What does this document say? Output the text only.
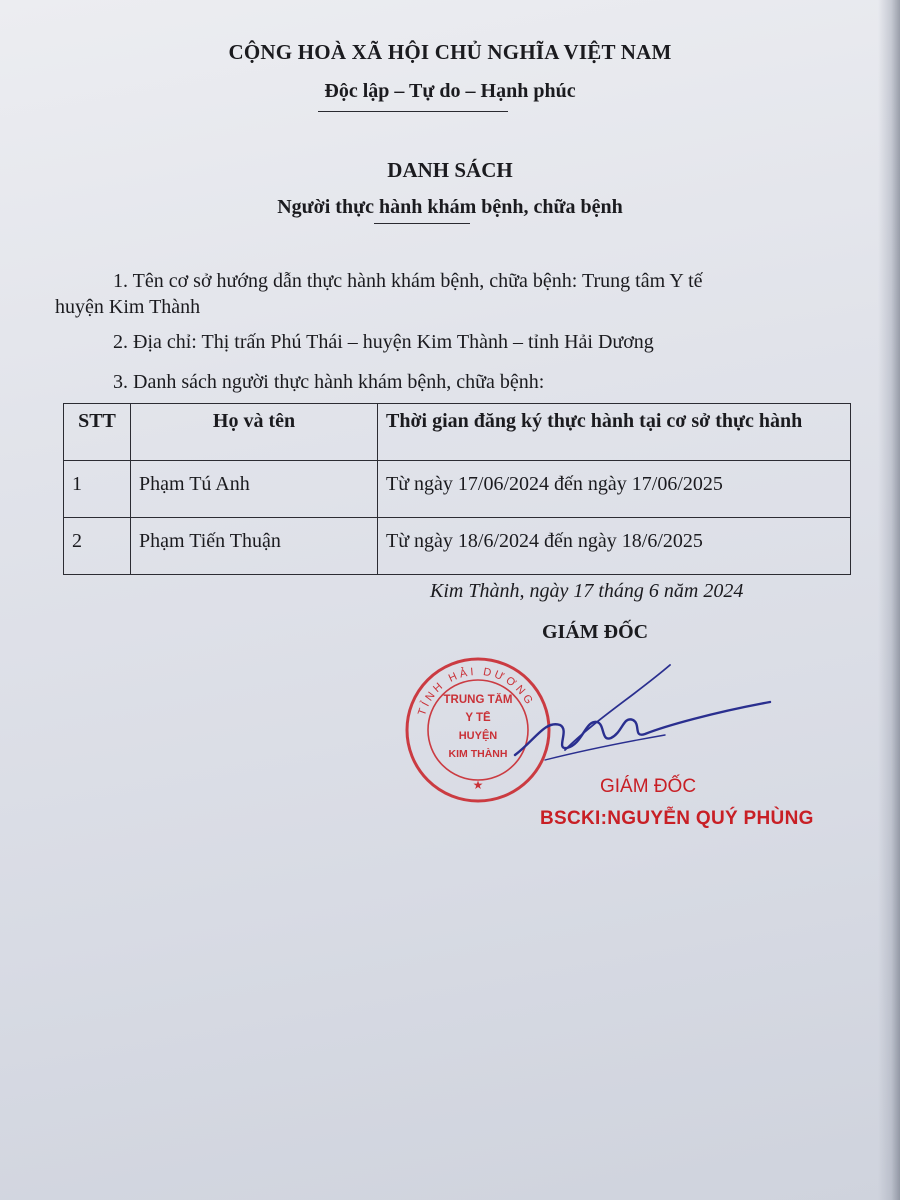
CỘNG HOÀ XÃ HỘI CHỦ NGHĨA VIỆT NAM
Độc lập – Tự do – Hạnh phúc
DANH SÁCH
Người thực hành khám bệnh, chữa bệnh
1. Tên cơ sở hướng dẫn thực hành khám bệnh, chữa bệnh: Trung tâm Y tế
huyện Kim Thành
2. Địa chỉ: Thị trấn Phú Thái – huyện Kim Thành – tỉnh Hải Dương
3. Danh sách người thực hành khám bệnh, chữa bệnh:
STT	Họ và tên	Thời gian đăng ký thực hành tại cơ sở thực hành
1	Phạm Tú Anh	Từ ngày 17/06/2024 đến ngày 17/06/2025
2	Phạm Tiến Thuận	Từ ngày 18/6/2024 đến ngày 18/6/2025
Kim Thành, ngày 17 tháng 6 năm 2024
GIÁM ĐỐC
TỈNH HẢI DƯƠNG
TRUNG TÂM
Y TẾ
HUYỆN
KIM THÀNH
★	GIÁM ĐỐC
BSCKI:NGUYỄN QUÝ PHÙNG
